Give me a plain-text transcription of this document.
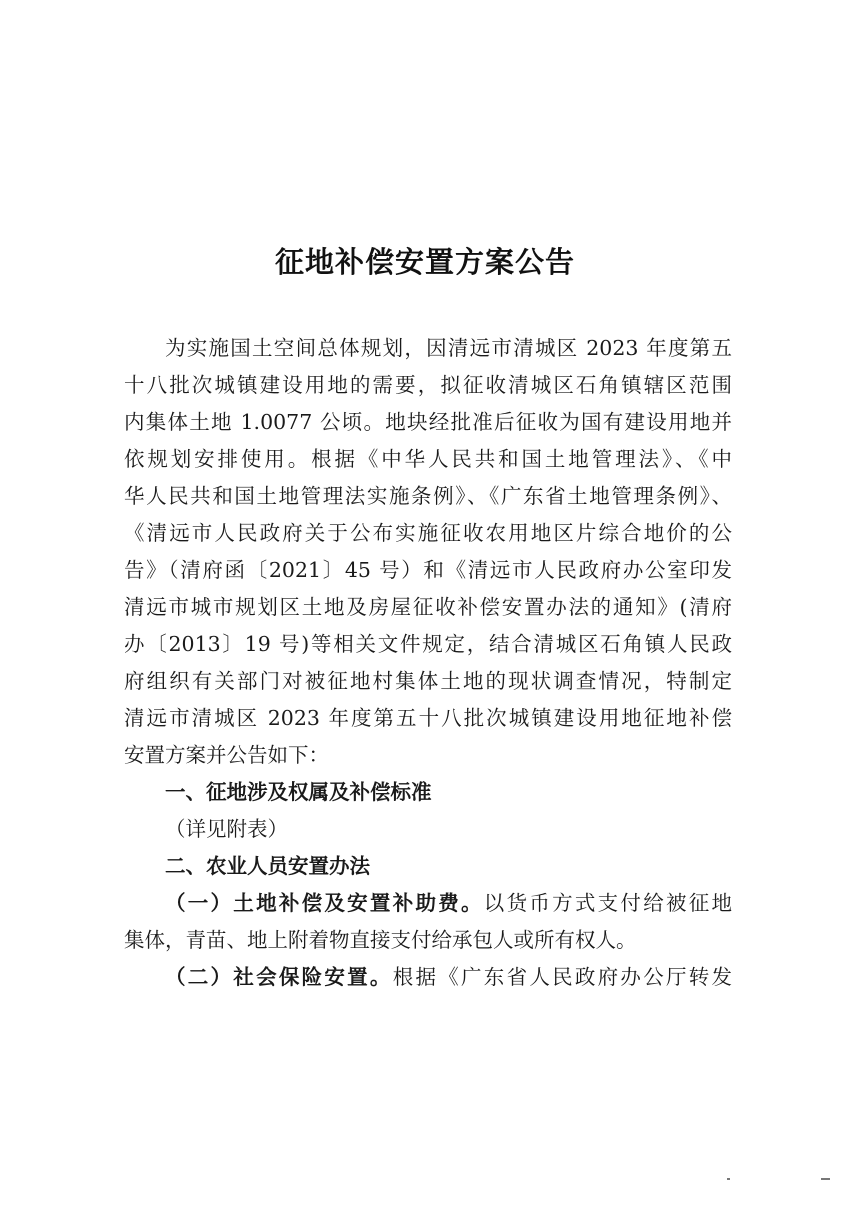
征地补偿安置方案公告
为实施国土空间总体规划，因清远市清城区 2023 年度第五
十八批次城镇建设用地的需要，拟征收清城区石角镇辖区范围
内集体土地 1.0077 公顷。地块经批准后征收为国有建设用地并
依规划安排使用。根据《中华人民共和国土地管理法》、《中
华人民共和国土地管理法实施条例》、《广东省土地管理条例》、
《清远市人民政府关于公布实施征收农用地区片综合地价的公
告》（清府函〔2021〕45 号）和《清远市人民政府办公室印发
清远市城市规划区土地及房屋征收补偿安置办法的通知》(清府
办〔2013〕19 号)等相关文件规定，结合清城区石角镇人民政
府组织有关部门对被征地村集体土地的现状调查情况，特制定
清远市清城区 2023 年度第五十八批次城镇建设用地征地补偿
安置方案并公告如下：
一、征地涉及权属及补偿标准
（详见附表）
二、农业人员安置办法
（一）土地补偿及安置补助费。以货币方式支付给被征地
集体，青苗、地上附着物直接支付给承包人或所有权人。
（二）社会保险安置。根据《广东省人民政府办公厅转发
